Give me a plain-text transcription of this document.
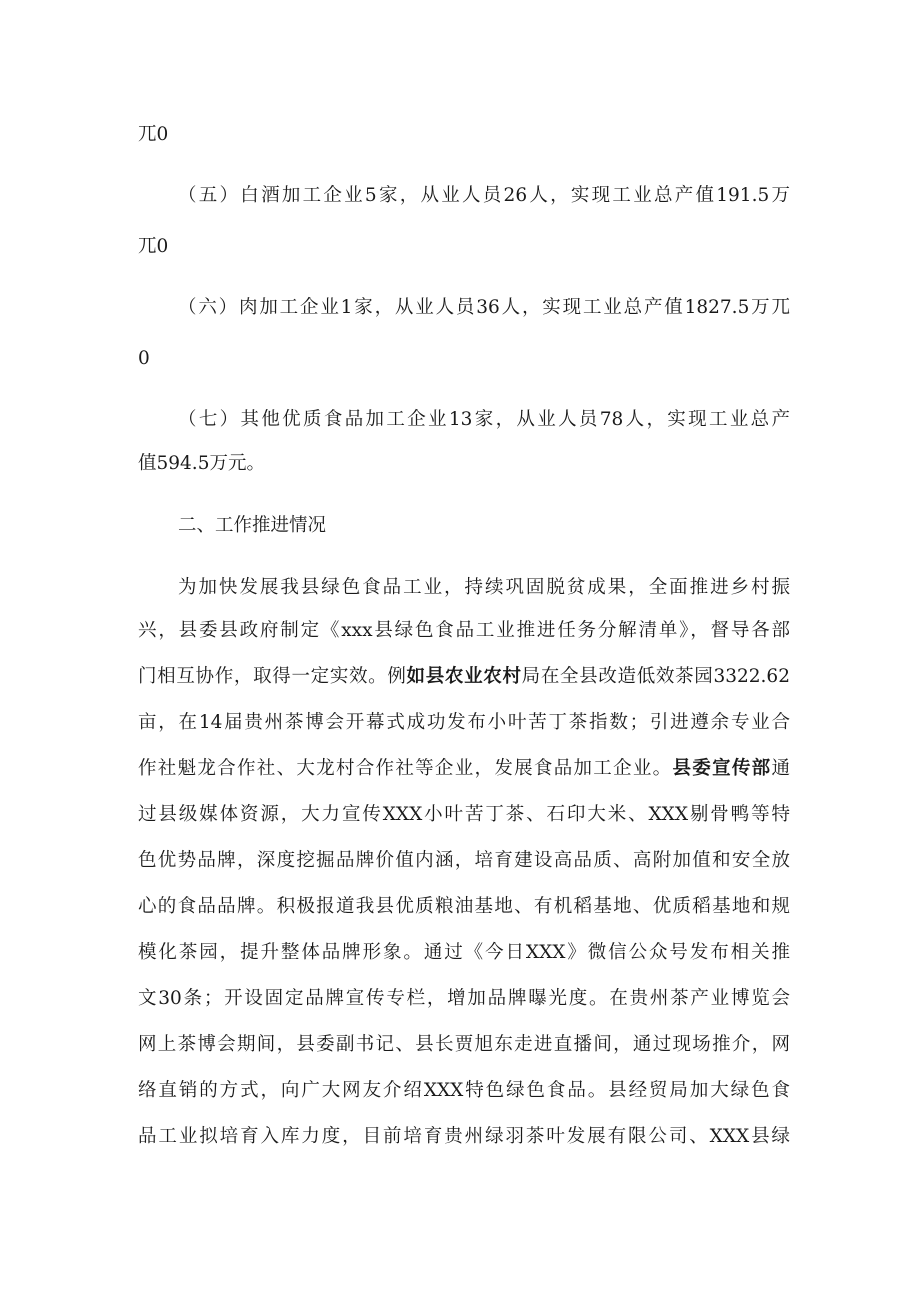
兀0
（五）白酒加工企业5家，从业人员26人，实现工业总产值191.5万
兀0
（六）肉加工企业1家，从业人员36人，实现工业总产值1827.5万兀
0
（七）其他优质食品加工企业13家，从业人员78人，实现工业总产
值594.5万元。
二、工作推进情况
为加快发展我县绿色食品工业，持续巩固脱贫成果，全面推进乡村振
兴，县委县政府制定《xxx县绿色食品工业推进任务分解清单》，督导各部
门相互协作，取得一定实效。例如县农业农村局在全县改造低效茶园3322.62
亩，在14届贵州茶博会开幕式成功发布小叶苦丁茶指数；引进遵余专业合
作社魁龙合作社、大龙村合作社等企业，发展食品加工企业。县委宣传部通
过县级媒体资源，大力宣传XXX小叶苦丁茶、石印大米、XXX剔骨鸭等特
色优势品牌，深度挖掘品牌价值内涵，培育建设高品质、高附加值和安全放
心的食品品牌。积极报道我县优质粮油基地、有机稻基地、优质稻基地和规
模化茶园，提升整体品牌形象。通过《今日XXX》微信公众号发布相关推
文30条；开设固定品牌宣传专栏，增加品牌曝光度。在贵州茶产业博览会
网上茶博会期间，县委副书记、县长贾旭东走进直播间，通过现场推介，网
络直销的方式，向广大网友介绍XXX特色绿色食品。县经贸局加大绿色食
品工业拟培育入库力度，目前培育贵州绿羽茶叶发展有限公司、XXX县绿
